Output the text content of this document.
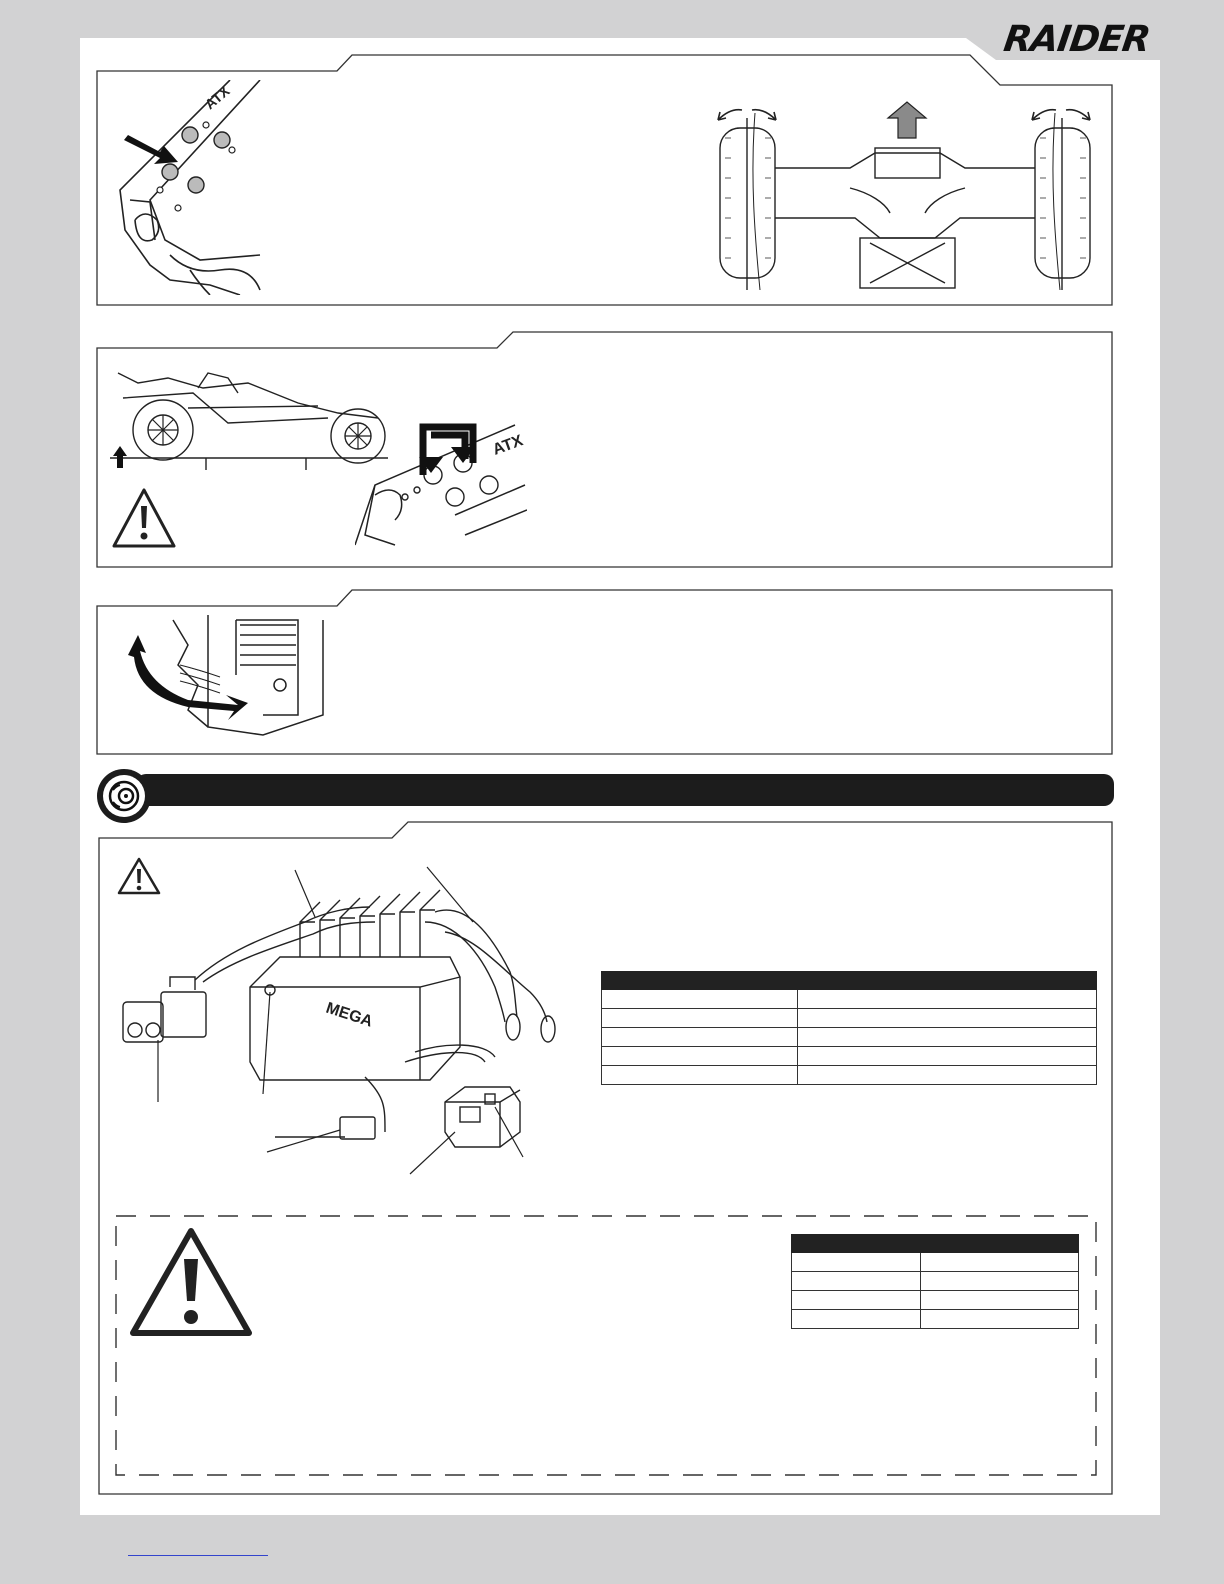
RAIDER
ATX
ATX
MEGA
